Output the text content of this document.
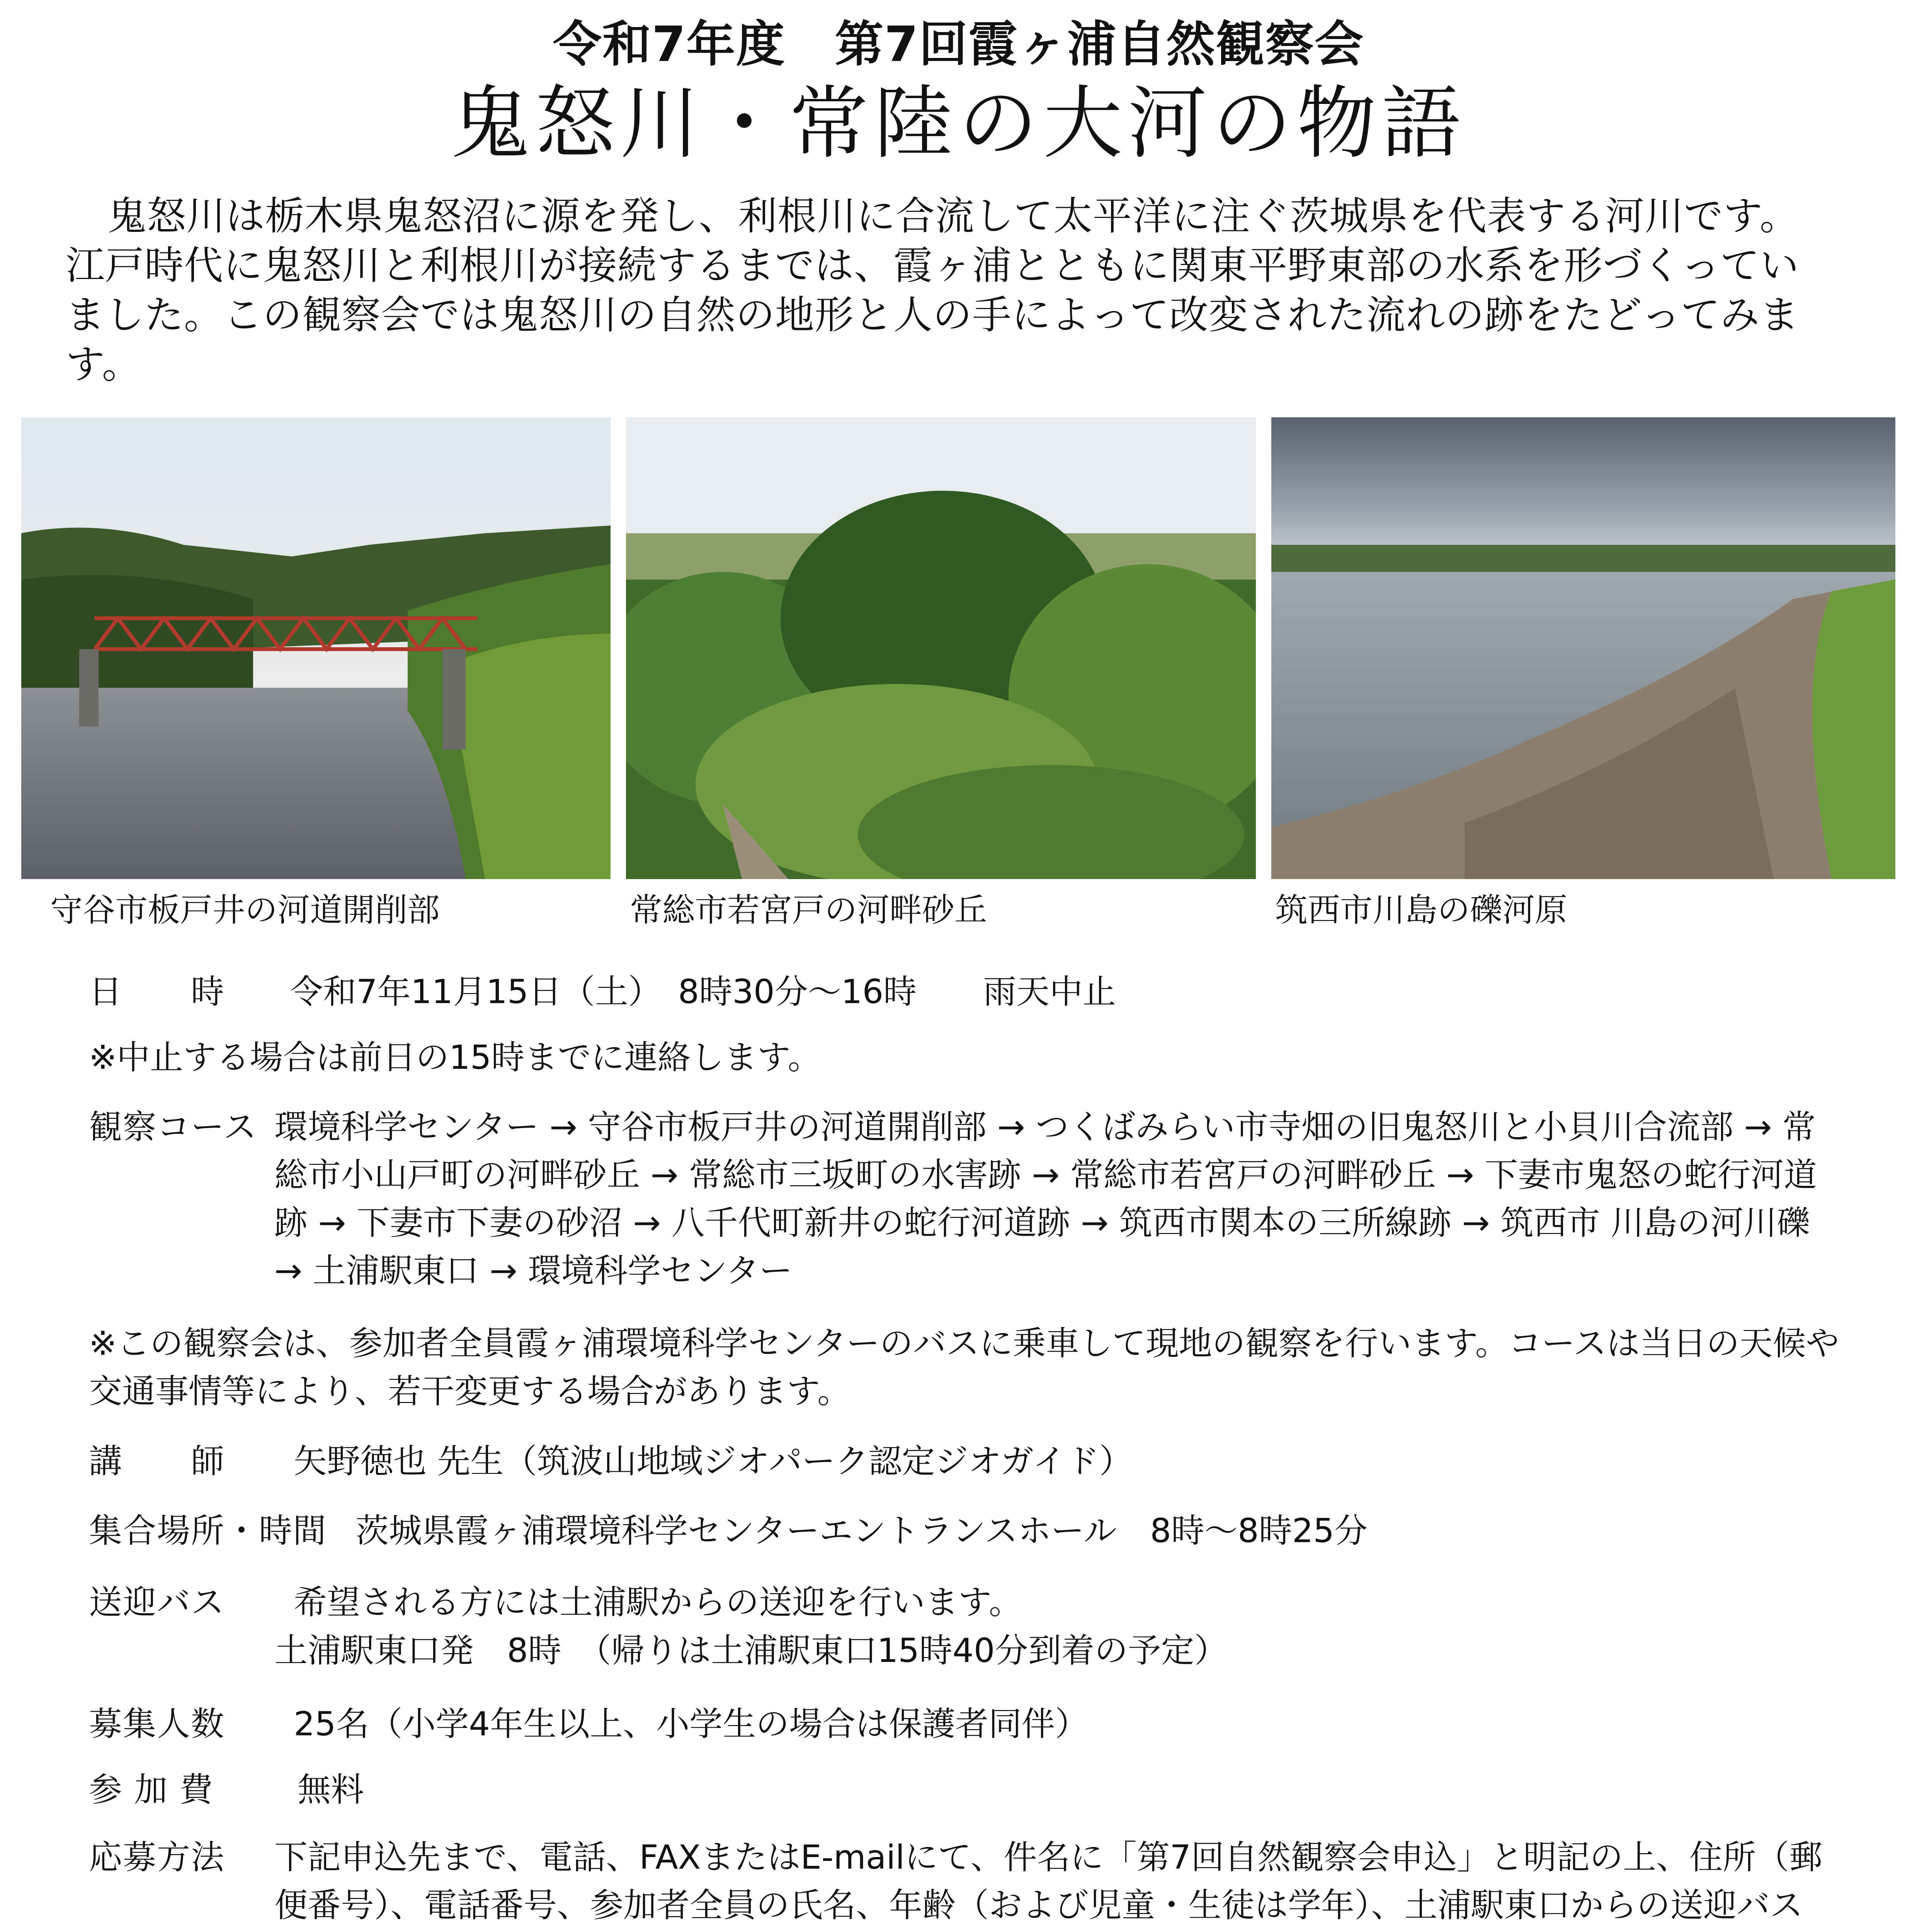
令和7年度　第7回霞ヶ浦自然観察会
鬼怒川・常陸の大河の物語

鬼怒川は栃木県鬼怒沼に源を発し、利根川に合流して太平洋に注ぐ茨城県を代表する河川です。江戸時代に鬼怒川と利根川が接続するまでは、霞ヶ浦とともに関東平野東部の水系を形づくっていました。この観察会では鬼怒川の自然の地形と人の手によって改変された流れの跡をたどってみます。

守谷市板戸井の河道開削部	常総市若宮戸の河畔砂丘	筑西市川島の礫河原
日　　時 令和7年11月15日（土）　8時30分～16時　　雨天中止
※中止する場合は前日の15時までに連絡します。
観察コース 環境科学センター → 守谷市板戸井の河道開削部 → つくばみらい市寺畑の旧鬼怒川と小貝川合流部 → 常総市小山戸町の河畔砂丘 → 常総市三坂町の水害跡 → 常総市若宮戸の河畔砂丘 → 下妻市鬼怒の蛇行河道跡 → 下妻市下妻の砂沼 → 八千代町新井の蛇行河道跡 → 筑西市関本の三所線跡 → 筑西市 川島の河川礫 → 土浦駅東口 → 環境科学センター
※この観察会は、参加者全員霞ヶ浦環境科学センターのバスに乗車して現地の観察を行います。コースは当日の天候や交通事情等により、若干変更する場合があります。
講　　師 矢野徳也 先生（筑波山地域ジオパーク認定ジオガイド）
集合場所・時間 茨城県霞ヶ浦環境科学センターエントランスホール　8時～8時25分
送迎バス 希望される方には土浦駅からの送迎を行います。
土浦駅東口発　8時　（帰りは土浦駅東口15時40分到着の予定）
募集人数 25名（小学4年生以上、小学生の場合は保護者同伴）
参 加 費	無料
応募方法 下記申込先まで、電話、FAXまたはE-mailにて、件名に「第7回自然観察会申込」と明記の上、住所（郵便番号）、電話番号、参加者全員の氏名、年齢（および児童・生徒は学年）、土浦駅東口からの送迎バス
